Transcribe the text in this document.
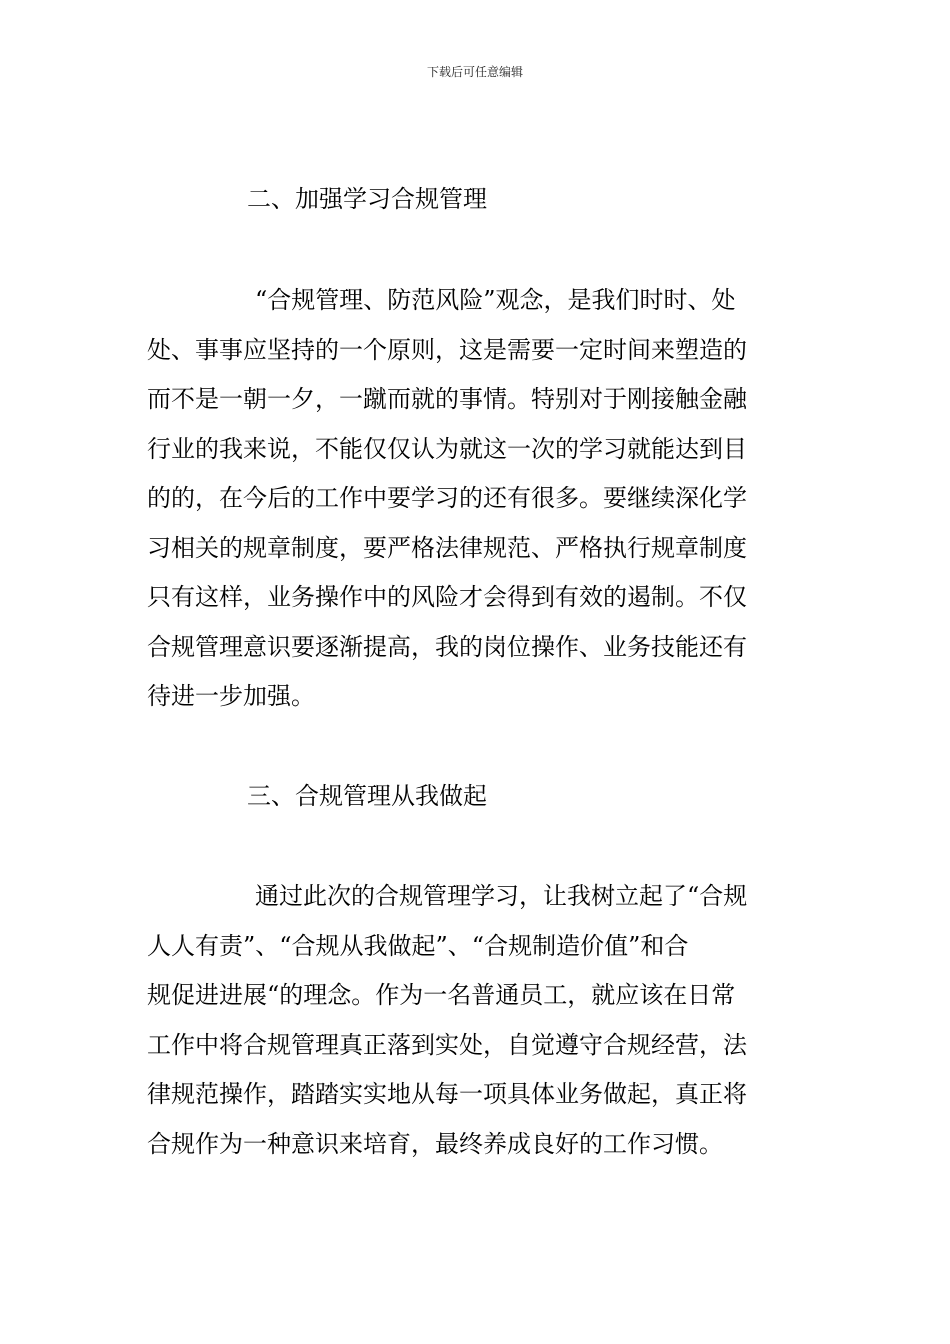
下载后可任意编辑
二、加强学习合规管理
“合规管理、防范风险”观念，是我们时时、处
处、事事应坚持的一个原则，这是需要一定时间来塑造的
而不是一朝一夕，一蹴而就的事情。特别对于刚接触金融
行业的我来说，不能仅仅认为就这一次的学习就能达到目
的的，在今后的工作中要学习的还有很多。要继续深化学
习相关的规章制度，要严格法律规范、严格执行规章制度
只有这样，业务操作中的风险才会得到有效的遏制。不仅
合规管理意识要逐渐提高，我的岗位操作、业务技能还有
待进一步加强。
三、合规管理从我做起
通过此次的合规管理学习，让我树立起了“合规
人人有责”、“合规从我做起”、“合规制造价值”和合
规促进进展“的理念。作为一名普通员工，就应该在日常
工作中将合规管理真正落到实处，自觉遵守合规经营，法
律规范操作，踏踏实实地从每一项具体业务做起，真正将
合规作为一种意识来培育，最终养成良好的工作习惯。
